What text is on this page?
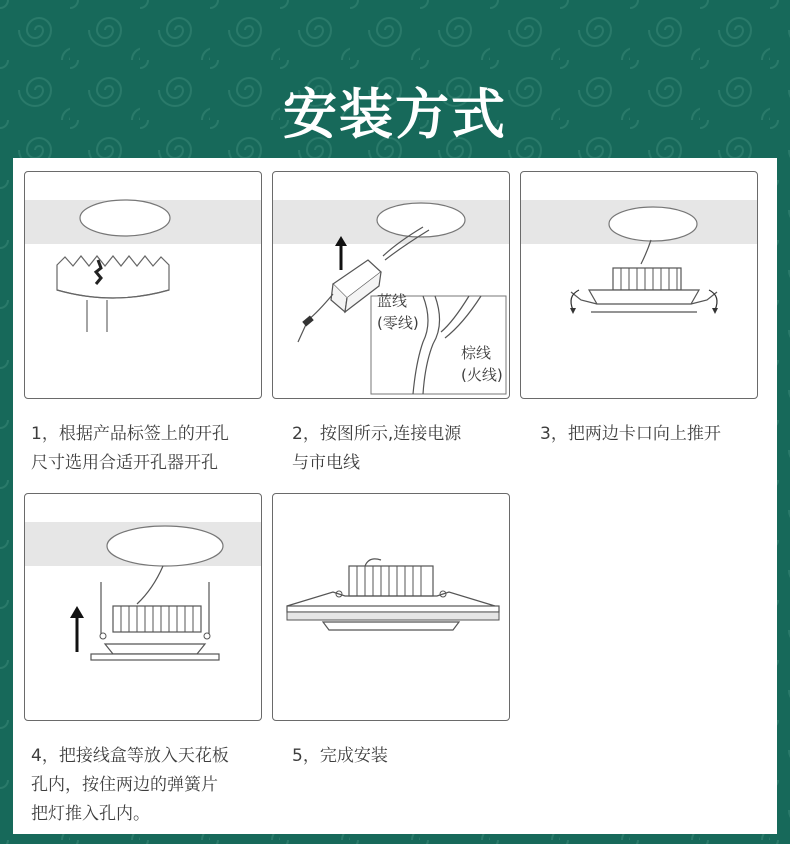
安装方式
1，根据产品标签上的开孔
尺寸选用合适开孔器开孔
蓝线
(零线)
棕线
(火线)
2，按图所示,连接电源
与市电线
3，把两边卡口向上推开
4，把接线盒等放入天花板
孔内，按住两边的弹簧片
把灯推入孔内。
5，完成安装
